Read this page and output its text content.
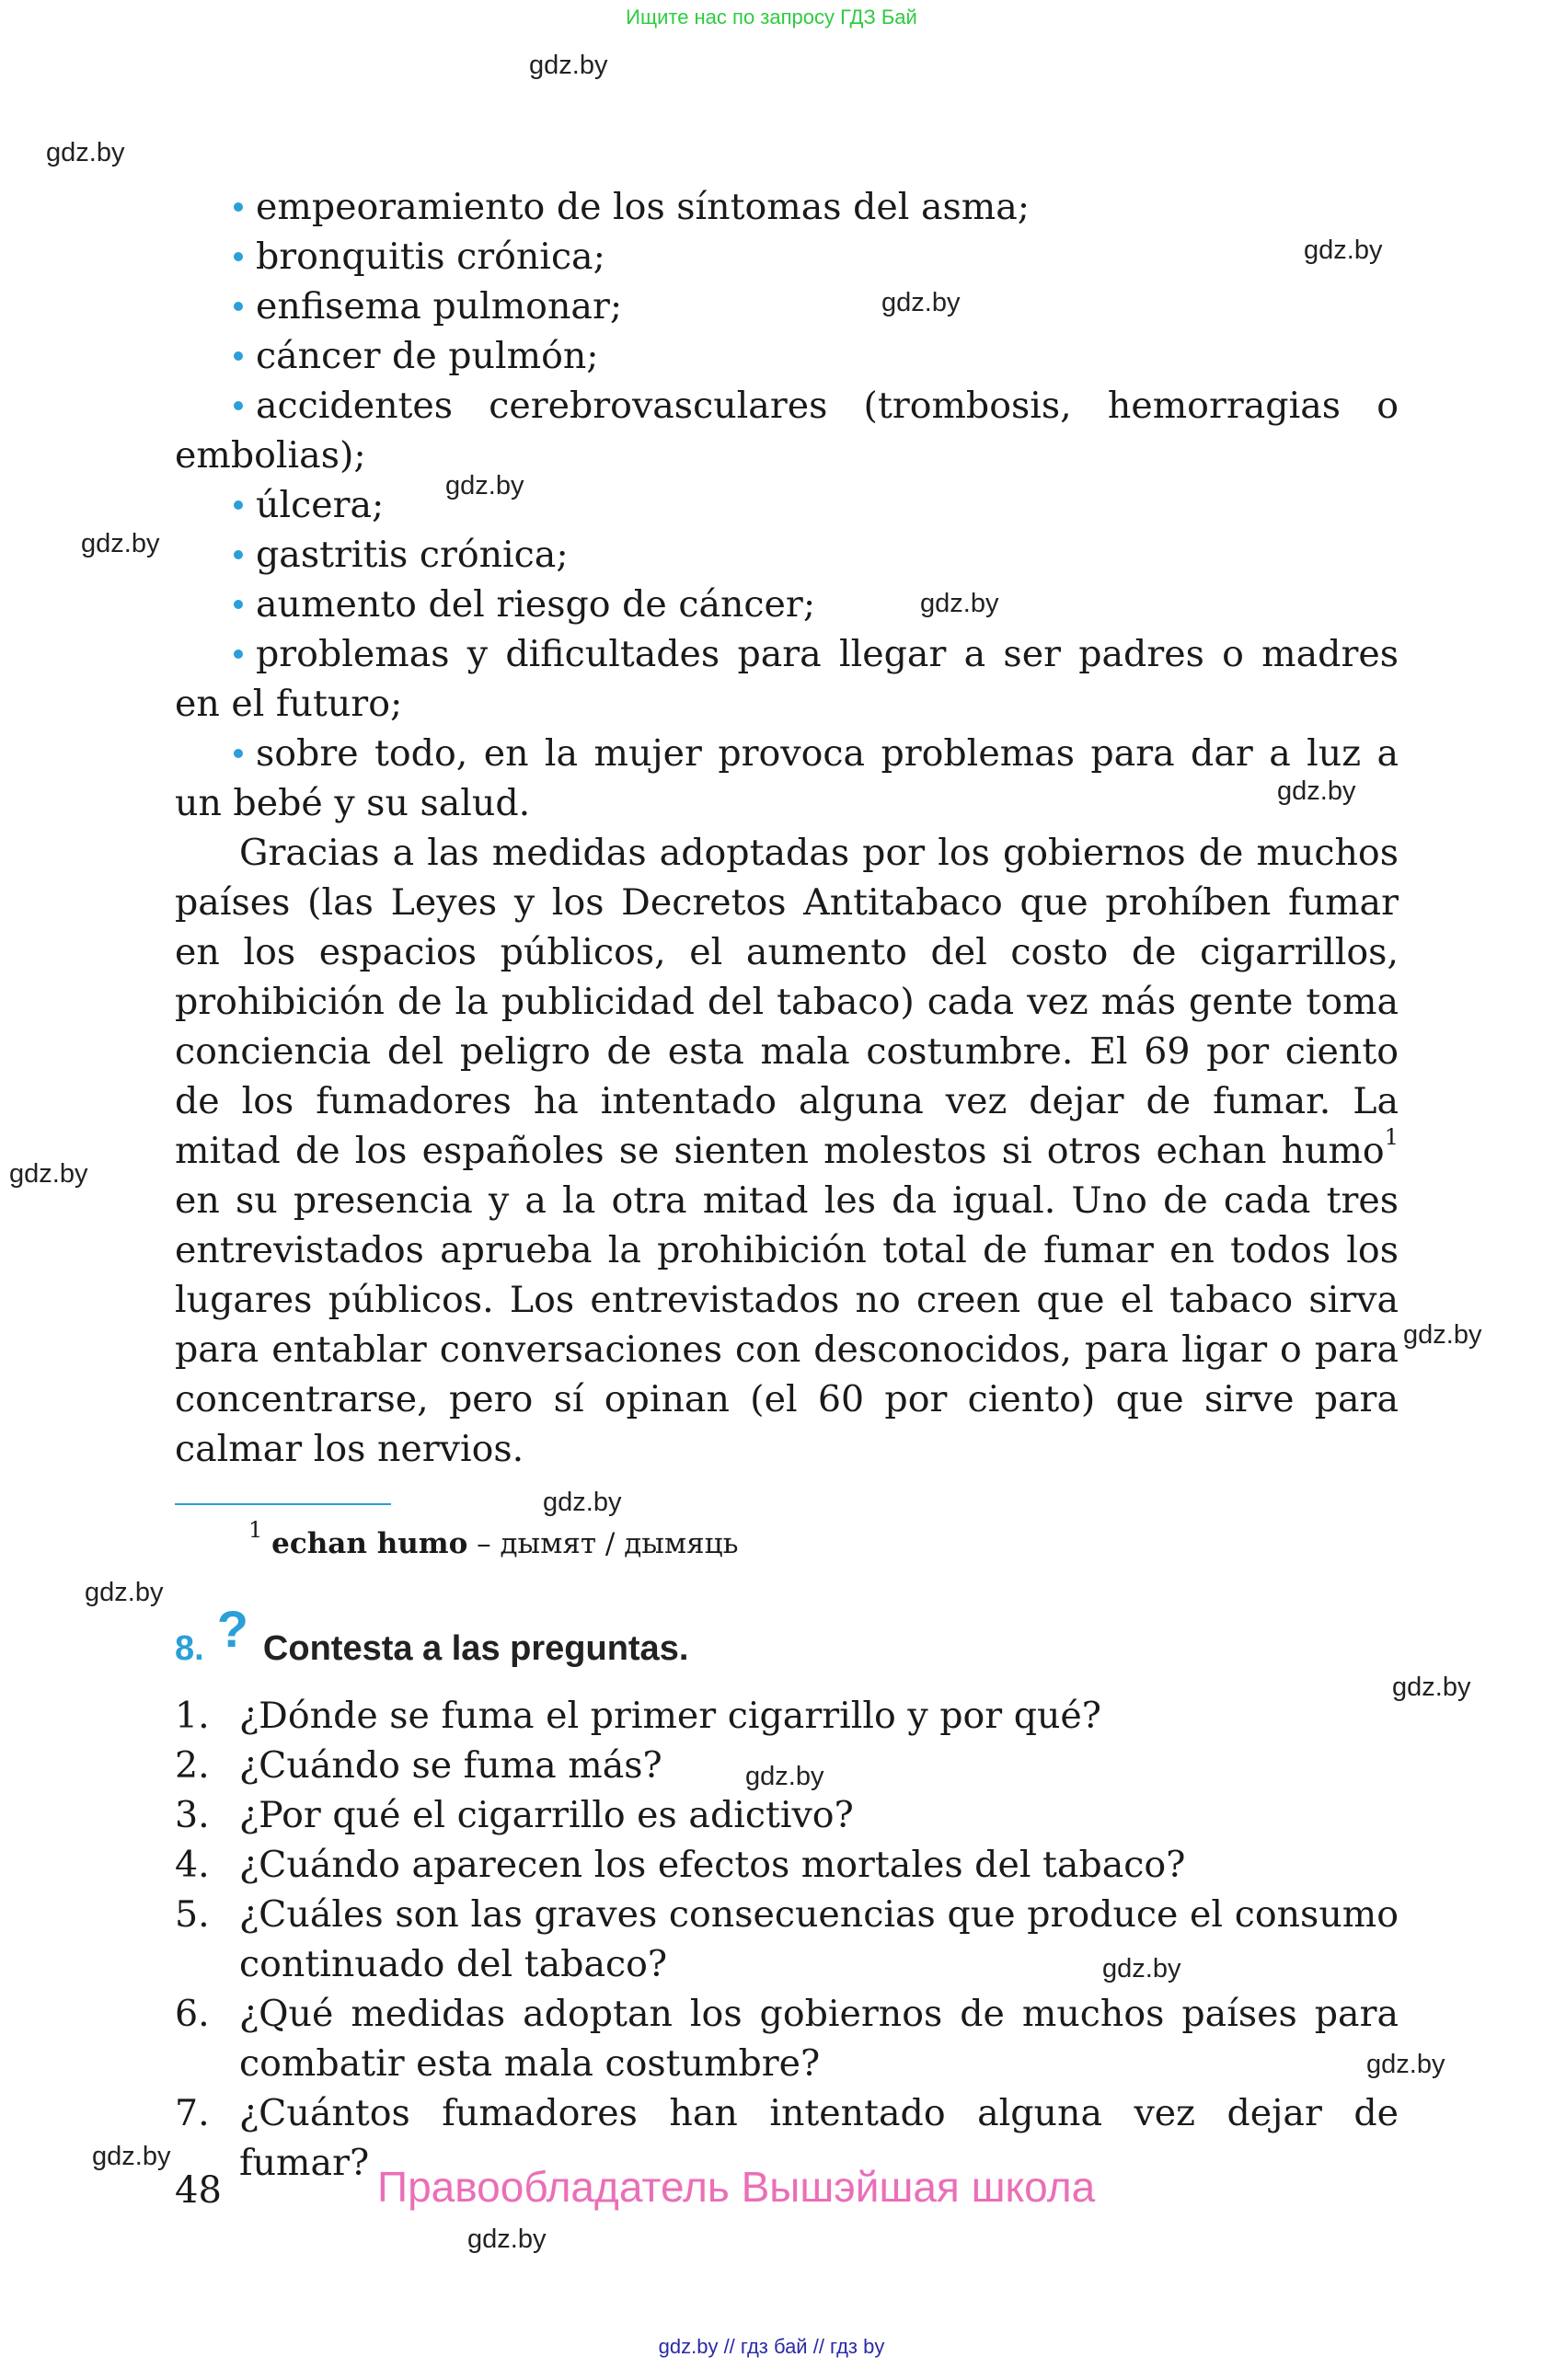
Ищите нас по запросу ГДЗ Бай
gdz.by
gdz.by
gdz.by
gdz.by
gdz.by
gdz.by
gdz.by
gdz.by
gdz.by
gdz.by
gdz.by
gdz.by
gdz.by
gdz.by
gdz.by
gdz.by
gdz.by
gdz.by
empeoramiento de los síntomas del asma;
bronquitis crónica;
enfisema pulmonar;
cáncer de pulmón;
accidentes cerebrovasculares (trombosis, hemorragias o embolias);
úlcera;
gastritis crónica;
aumento del riesgo de cáncer;
problemas y dificultades para llegar a ser padres o madres en el futuro;
sobre todo, en la mujer provoca problemas para dar a luz a un bebé y su salud.
Gracias a las medidas adoptadas por los gobiernos de muchos países (las Leyes y los Decretos Antitabaco que prohíben fumar en los espacios públicos, el aumento del costo de cigarrillos, prohibición de la publicidad del tabaco) cada vez más gente toma conciencia del peligro de esta mala costumbre. El 69 por ciento de los fumadores ha intentado alguna vez dejar de fumar. La mitad de los españoles se sienten molestos si otros echan humo$^1$ en su presencia y a la otra mitad les da igual. Uno de cada tres entrevistados aprueba la prohibición total de fumar en todos los lugares públicos. Los entrevistados no creen que el tabaco sirva para entablar conversaciones con desconocidos, para ligar o para concentrarse, pero sí opinan (el 60 por ciento) que sirve para calmar los nervios.
$^1$ echan humo – дымят / дымяць
8. ? Contesta a las preguntas.
1. ¿Dónde se fuma el primer cigarrillo y por qué?
2. ¿Cuándo se fuma más?
3. ¿Por qué el cigarrillo es adictivo?
4. ¿Cuándo aparecen los efectos mortales del tabaco?
5. ¿Cuáles son las graves consecuencias que produce el consumo continuado del tabaco?
6. ¿Qué medidas adoptan los gobiernos de muchos países para combatir esta mala costumbre?
7. ¿Cuántos fumadores han intentado alguna vez dejar de fumar?
48	Правообладатель Вышэйшая школа
gdz.by // гдз бай // гдз by
